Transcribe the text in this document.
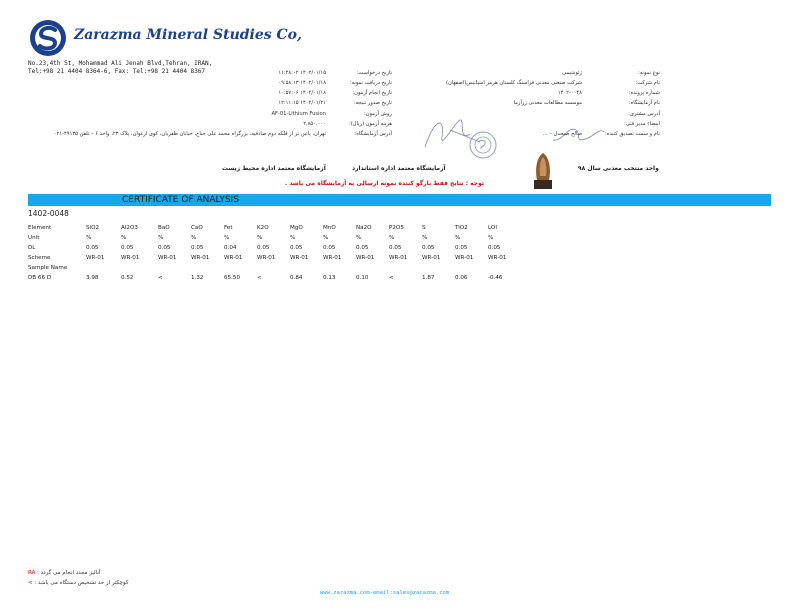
Zarazma Mineral Studies Co,
No.23,4th St, Mohammad Ali Jenah Blvd,Tehran, IRAN,
Tel:+98 21 4404 8364-6, Fax: Tel:+98 21 4404 8367	نوع نمونه:
ژئوشیمی
نام شرکت:
شرکت صنعتی معدنی فراسنگ کلستان هرمز اسپاتیس(اصفهان)
شماره پرونده:
۱۴۰۲-۰۰۴۸
نام آزمایشگاه:
موسسه مطالعات معدنی زرآزما
آدرس مشتری:
امضاء مدیر فنی:
نام و سمت تصدیق کننده:
صالح صیحدل – ...
تاریخ درخواست:
۱۴۰۲/۰۱/۱۵ ۱۱:۴۸:۰۲
تاریخ دریافت نمونه:
۱۴۰۲/۰۱/۱۸ ۰۹:۵۸:۱۳
تاریخ انجام آزمون:
۱۴۰۲/۰۱/۱۸ ۱۰:۵۷:۰۶
تاریخ صدور نتیجه:
۱۴۰۲/۰۱/۲۱ ۱۲:۱۱:۱۵
روش آزمون:
AF-01-Lithium Fusion
هزینه آزمون (ریال):
۲,۸۵۰,۰۰۰
آدرس آزمایشگاه:
تهران، پائین تر از فلکه دوم صادقیه، بزرگراه محمد علی جناح، خیابان ظفریان، کوی ارغوان، پلاک ۲۳، واحد ۶ – تلفن ۴۹۱۳۵-۰۲۱
واحد منتخب معدنی سال ۹۸
آزمایشگاه معتمد اداره استاندارد
آزمایشگاه معتمد اداره محیط زیست
توجه : نتایج فقط بازگو کننده نمونه ارسالی به آزمایشگاه می باشد .
CERTIFICATE OF ANALYSIS
1402-0048
Element	SiO2	Al2O3	BaO	CaO	Fet	K2O	MgO	MnO	Na2O	P2O5	S	TiO2	LOI
Unit	%	%	%	%	%	%	%	%	%	%	%	%	%
DL	0.05	0.05	0.05	0.05	0.04	0.05	0.05	0.05	0.05	0.05	0.05	0.05	0.05
Scheme	WR-01	WR-01	WR-01	WR-01	WR-01	WR-01	WR-01	WR-01	WR-01	WR-01	WR-01	WR-01	WR-01
Sample Name
DB 66 D	3.98	0.52	<	1.32	65.50	<	0.84	0.13	0.10	<	1.87	0.06	-0.46
RA : آنالیز مجدد انجام می گردد
< : کوچکتر از حد تشخیص دستگاه می باشد
www.zarazma.com-email:sales@zarazma.com
